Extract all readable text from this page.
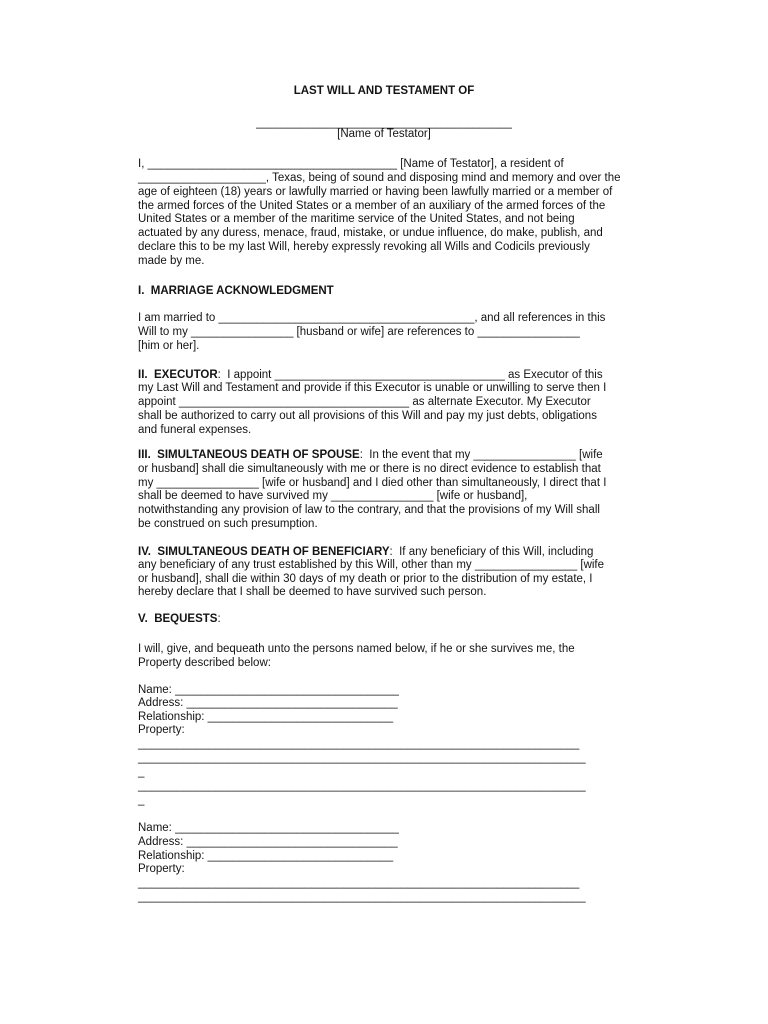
LAST WILL AND TESTAMENT OF

________________________________________

[Name of Testator]

I, _______________________________________ [Name of Testator], a resident of

____________________, Texas, being of sound and disposing mind and memory and over the

age of eighteen (18) years or lawfully married or having been lawfully married or a member of

the armed forces of the United States or a member of an auxiliary of the armed forces of the

United States or a member of the maritime service of the United States, and not being

actuated by any duress, menace, fraud, mistake, or undue influence, do make, publish, and

declare this to be my last Will, hereby expressly revoking all Wills and Codicils previously

made by me.

I.  MARRIAGE ACKNOWLEDGMENT

I am married to ________________________________________, and all references in this

Will to my ________________ [husband or wife] are references to ________________

[him or her].

II.  EXECUTOR:  I appoint ____________________________________ as Executor of this

my Last Will and Testament and provide if this Executor is unable or unwilling to serve then I

appoint ____________________________________ as alternate Executor. My Executor

shall be authorized to carry out all provisions of this Will and pay my just debts, obligations

and funeral expenses.

III.  SIMULTANEOUS DEATH OF SPOUSE:  In the event that my ________________ [wife

or husband] shall die simultaneously with me or there is no direct evidence to establish that

my ________________ [wife or husband] and I died other than simultaneously, I direct that I

shall be deemed to have survived my ________________ [wife or husband],

notwithstanding any provision of law to the contrary, and that the provisions of my Will shall

be construed on such presumption.

IV.  SIMULTANEOUS DEATH OF BENEFICIARY:  If any beneficiary of this Will, including

any beneficiary of any trust established by this Will, other than my ________________ [wife

or husband], shall die within 30 days of my death or prior to the distribution of my estate, I

hereby declare that I shall be deemed to have survived such person.

V.  BEQUESTS:

I will, give, and bequeath unto the persons named below, if he or she survives me, the

Property described below:

Name: ___________________________________

Address: _________________________________

Relationship: _____________________________

Property:

_____________________________________________________________________

______________________________________________________________________

_

______________________________________________________________________

_

Name: ___________________________________

Address: _________________________________

Relationship: _____________________________

Property:

_____________________________________________________________________

______________________________________________________________________
